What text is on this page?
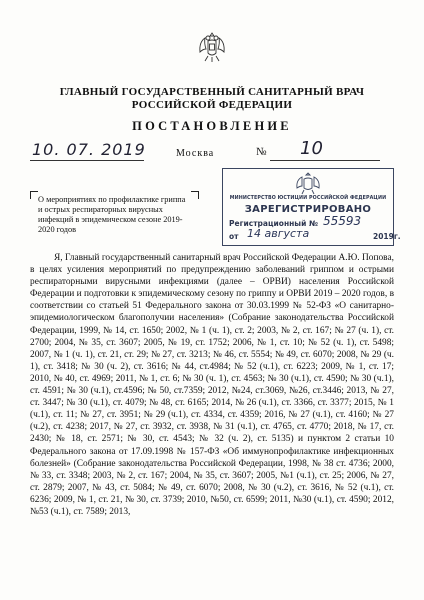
ГЛАВНЫЙ ГОСУДАРСТВЕННЫЙ САНИТАРНЫЙ ВРАЧ
РОССИЙСКОЙ ФЕДЕРАЦИИ
ПОСТАНОВЛЕНИЕ
10. 07. 2019	Москва	№ 10
О мероприятиях по профилактике гриппа и острых респираторных вирусных инфекций в эпидемическом сезоне 2019-2020 годов
МИНИСТЕРСТВО ЮСТИЦИИ РОССИЙСКОЙ ФЕДЕРАЦИИ
ЗАРЕГИСТРИРОВАНО
Регистрационный № 55593
от 14 августа	2019г.
Я, Главный государственный санитарный врач Российской Федерации А.Ю. Попова, в целях усиления мероприятий по предупреждению заболеваний гриппом и острыми респираторными вирусными инфекциями (далее – ОРВИ) населения Российской Федерации и подготовки к эпидемическому сезону по гриппу и ОРВИ 2019 – 2020 годов, в соответствии со статьей 51 Федерального закона от 30.03.1999 № 52-ФЗ «О санитарно-эпидемиологическом благополучии населения» (Собрание законодательства Российской Федерации, 1999, № 14, ст. 1650; 2002, № 1 (ч. 1), ст. 2; 2003, № 2, ст. 167; № 27 (ч. 1), ст. 2700; 2004, № 35, ст. 3607; 2005, № 19, ст. 1752; 2006, № 1, ст. 10; № 52 (ч. 1), ст. 5498; 2007, № 1 (ч. 1), ст. 21, ст. 29; № 27, ст. 3213; № 46, ст. 5554; № 49, ст. 6070; 2008, № 29 (ч. 1), ст. 3418; № 30 (ч. 2), ст. 3616; № 44, ст.4984; № 52 (ч.1), ст. 6223; 2009, № 1, ст. 17; 2010, № 40, ст. 4969; 2011, № 1, ст. 6; № 30 (ч. 1), ст. 4563; № 30 (ч.1), ст. 4590; № 30 (ч.1), ст. 4591; № 30 (ч.1), ст.4596; № 50, ст.7359; 2012, №24, ст.3069, №26, ст.3446; 2013, № 27, ст. 3447; № 30 (ч.1), ст. 4079; № 48, ст. 6165; 2014, № 26 (ч.1), ст. 3366, ст. 3377; 2015, № 1 (ч.1), ст. 11; № 27, ст. 3951; № 29 (ч.1), ст. 4334, ст. 4359; 2016, № 27 (ч.1), ст. 4160; № 27 (ч.2), ст. 4238; 2017, № 27, ст. 3932, ст. 3938, № 31 (ч.1), ст. 4765, ст. 4770; 2018, № 17, ст. 2430; № 18, ст. 2571; № 30, ст. 4543; № 32 (ч. 2), ст. 5135) и пунктом 2 статьи 10 Федерального закона от 17.09.1998 № 157-ФЗ «Об иммунопрофилактике инфекционных болезней» (Собрание законодательства Российской Федерации, 1998, № 38 ст. 4736; 2000, № 33, ст. 3348; 2003, № 2, ст. 167; 2004, № 35, ст. 3607; 2005, №1 (ч.1), ст. 25; 2006, № 27, ст. 2879; 2007, № 43, ст. 5084; № 49, ст. 6070; 2008, № 30 (ч.2), ст. 3616, № 52 (ч.1), ст. 6236; 2009, № 1, ст. 21, № 30, ст. 3739; 2010, №50, ст. 6599; 2011, №30 (ч.1), ст. 4590; 2012, №53 (ч.1), ст. 7589; 2013,
